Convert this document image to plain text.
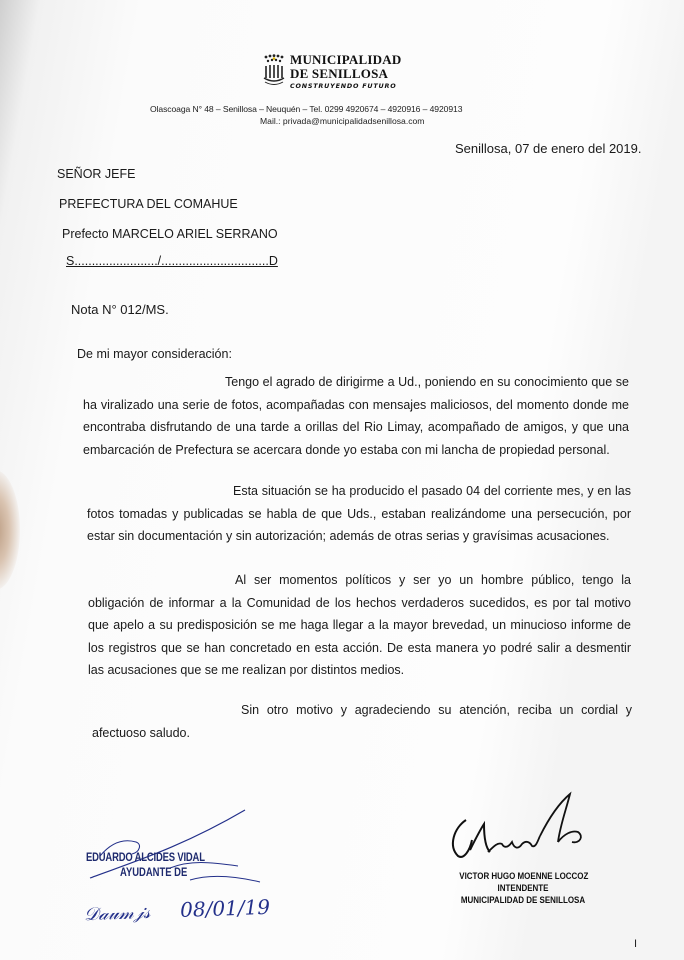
MUNICIPALIDAD
DE SENILLOSA
CONSTRUYENDO FUTURO
Olascoaga N° 48 – Senillosa – Neuquén – Tel. 0299 4920674 – 4920916 – 4920913
Mail.: privada@municipalidadsenillosa.com
Senillosa, 07 de enero del 2019.
SEÑOR JEFE
PREFECTURA DEL COMAHUE
Prefecto MARCELO ARIEL SERRANO
S......................../...............................D
Nota N° 012/MS.
De mi mayor consideración:
Tengo el agrado de dirigirme a Ud., poniendo en su conocimiento que se ha viralizado una serie de fotos, acompañadas con mensajes maliciosos, del momento donde me encontraba disfrutando de una tarde a orillas del Rio Limay, acompañado de amigos, y que una embarcación de Prefectura se acercara donde yo estaba con mi lancha de propiedad personal.
Esta situación se ha producido el pasado 04 del corriente mes, y en las fotos tomadas y publicadas se habla de que Uds., estaban realizándome una persecución, por estar sin documentación y sin autorización; además de otras serias y gravísimas acusaciones.
Al ser momentos políticos y ser yo un hombre público, tengo la obligación de informar a la Comunidad de los hechos verdaderos sucedidos, es por tal motivo que apelo a su predisposición se me haga llegar a la mayor brevedad, un minucioso informe de los registros que se han concretado en esta acción. De esta manera yo podré salir a desmentir las acusaciones que se me realizan por distintos medios.
Sin otro motivo y agradeciendo su atención, reciba un cordial y afectuoso saludo.
EDUARDO ALCIDES VIDAL
AYUDANTE DE
𝒟𝒶𝓊𝓂𝒿𝓈 08/01/19
VICTOR HUGO MOENNE LOCCOZ
INTENDENTE
MUNICIPALIDAD DE SENILLOSA
I
